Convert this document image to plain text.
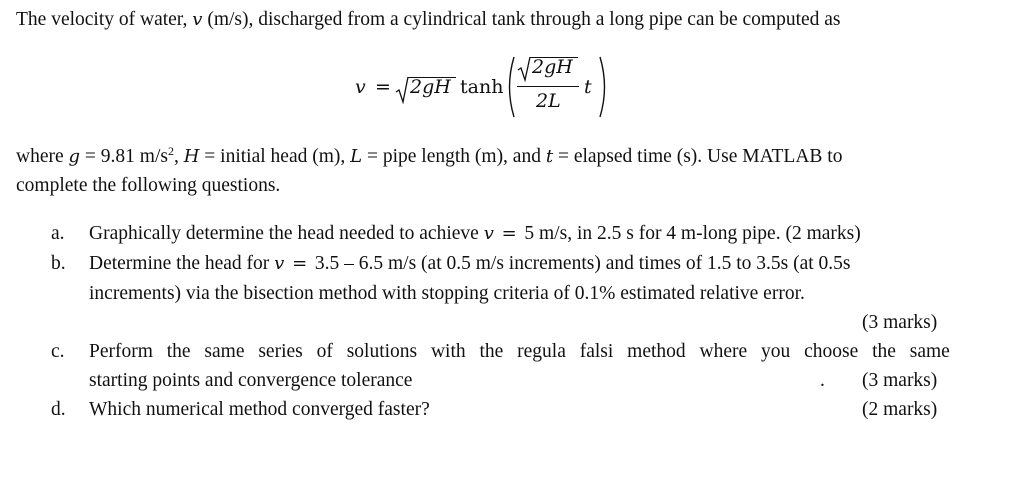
The velocity of water, v (m/s), discharged from a cylindrical tank through a long pipe can be computed as
v = 2gH tanh
2gH
2L
t
where g = 9.81 $m/s^2$, H = initial head (m), L = pipe length (m), and t = elapsed time (s). Use MATLAB to
complete the following questions.
a. Graphically determine the head needed to achieve v = 5 m/s, in 2.5 s for 4 m-long pipe. (2 marks)
b. Determine the head for v = 3.5 – 6.5 m/s (at 0.5 m/s increments) and times of 1.5 to 3.5s (at 0.5s
increments) via the bisection method with stopping criteria of 0.1% estimated relative error.
(3 marks)
c. Perform the same series of solutions with the regula falsi method where you choose the same
starting points and convergence tolerance	. (3 marks)
d. Which numerical method converged faster?	(2 marks)
